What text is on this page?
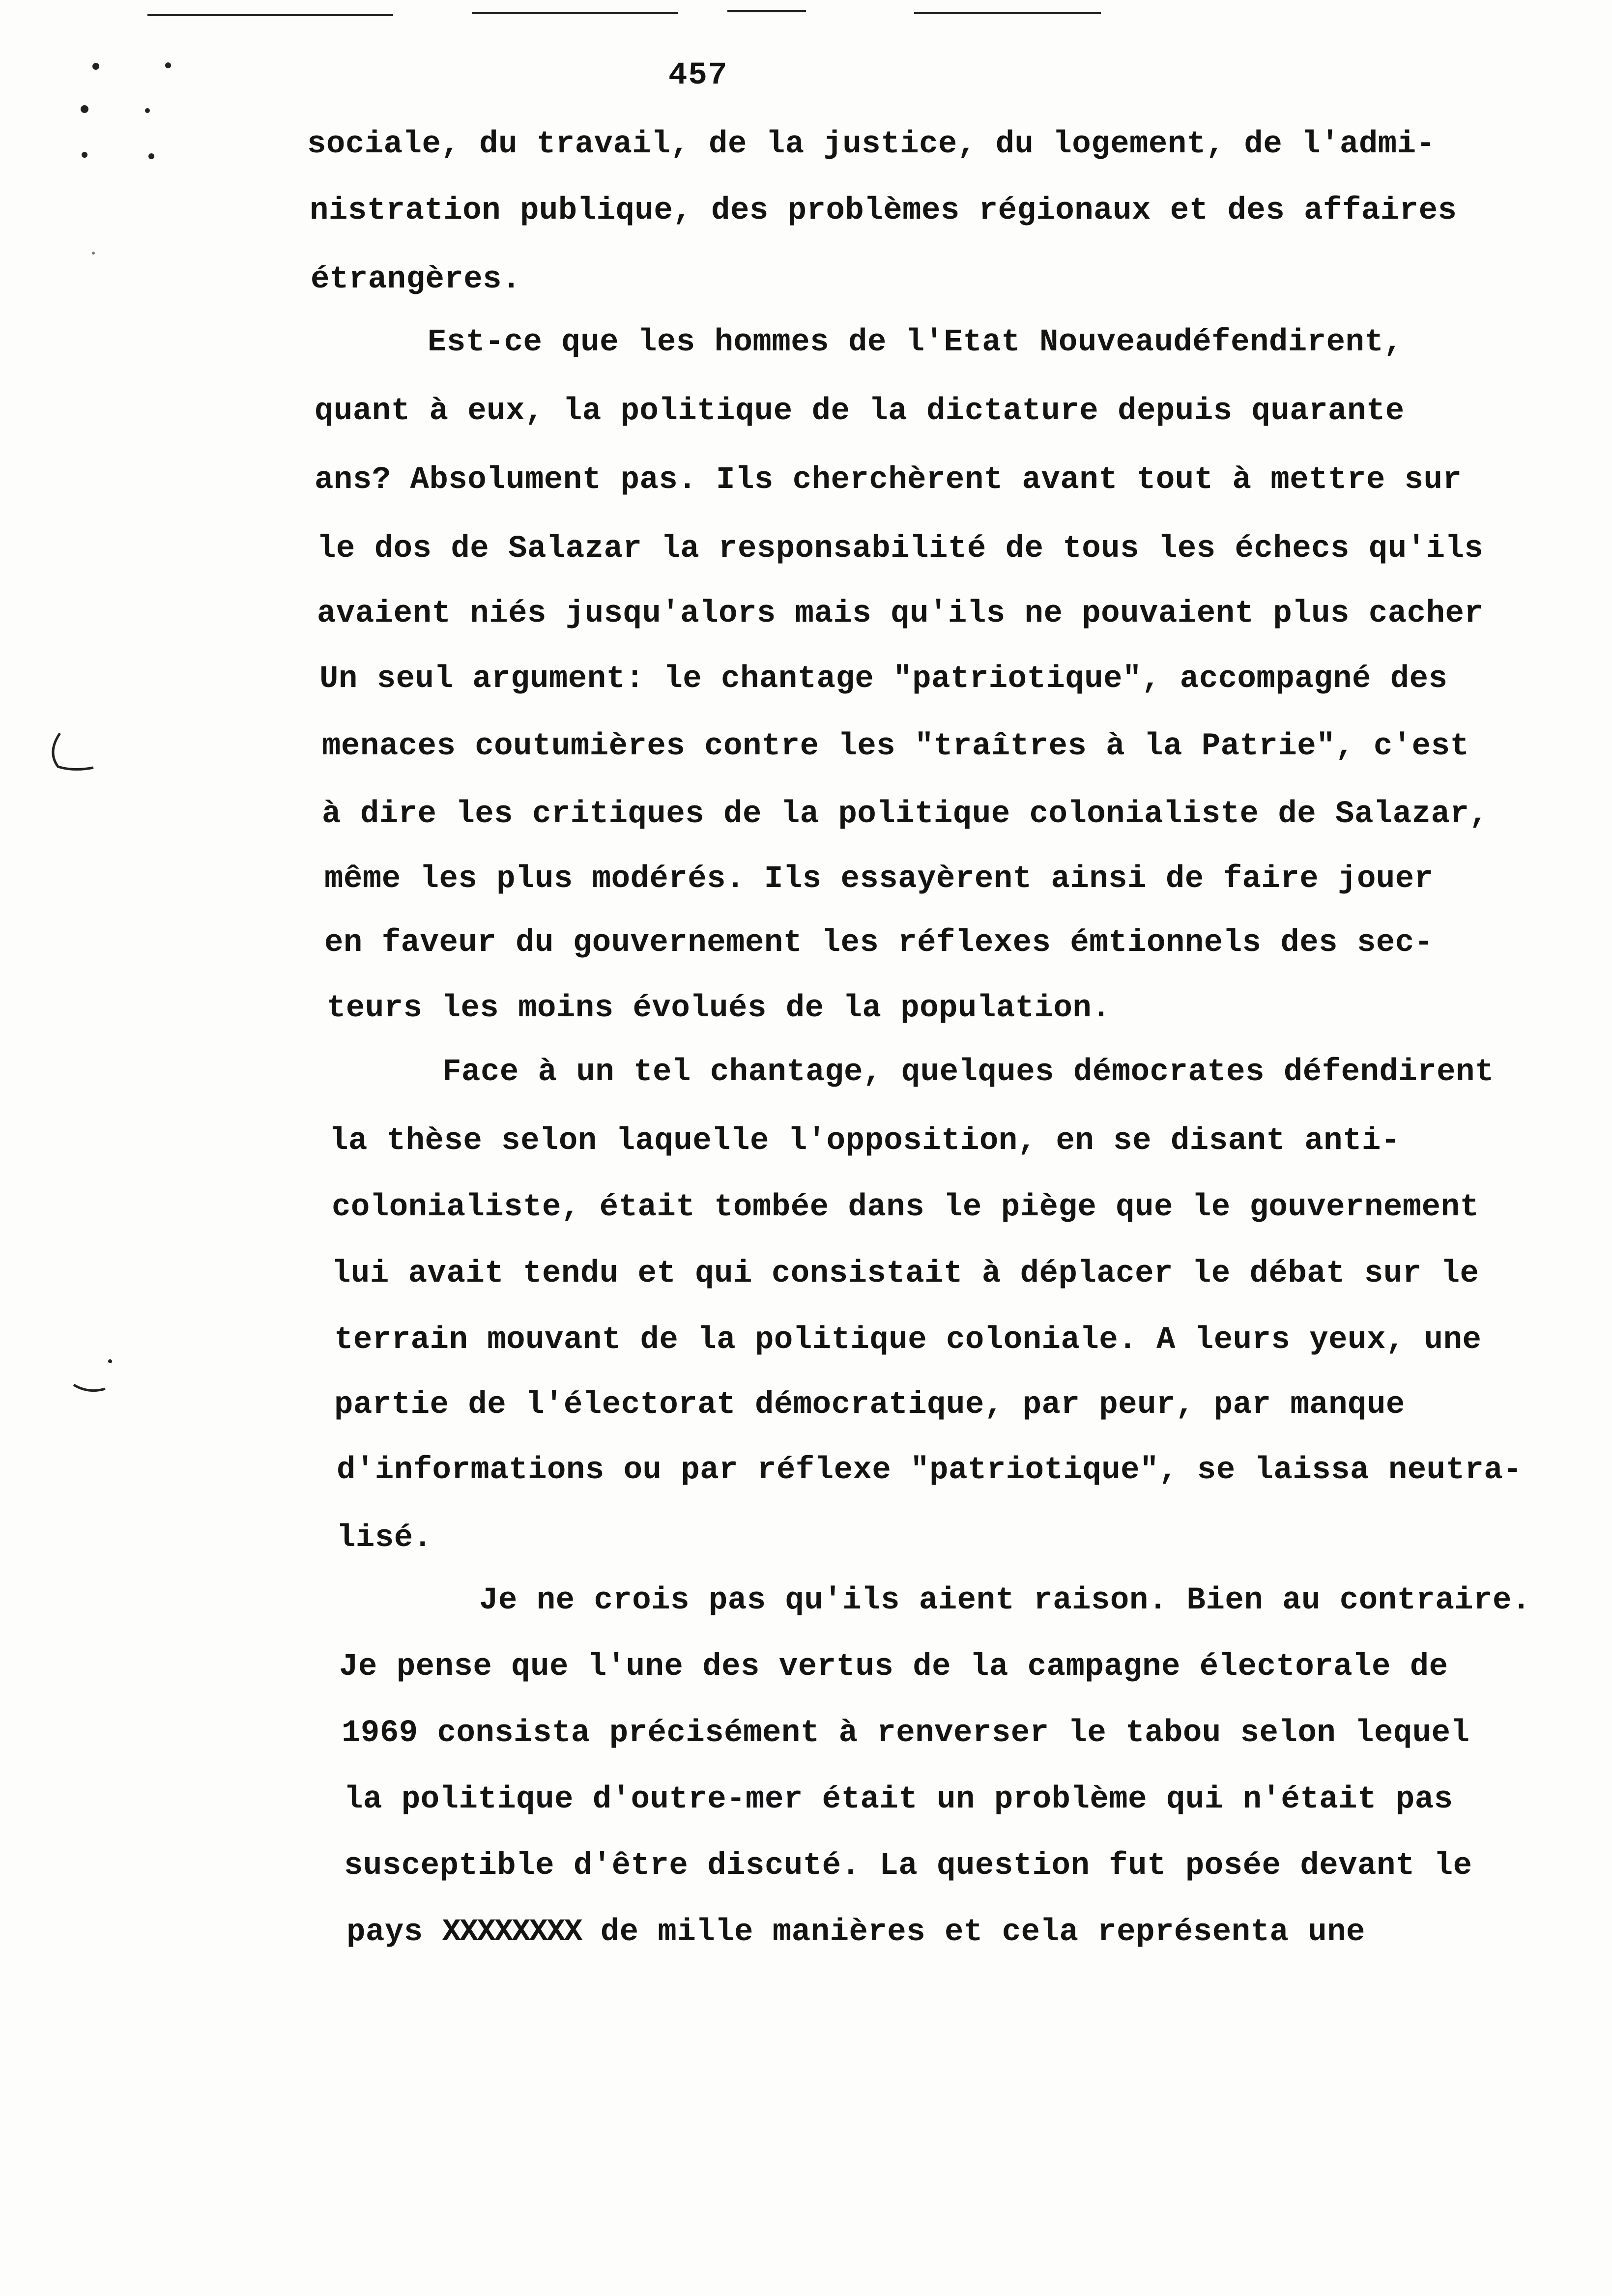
457
sociale, du travail, de la justice, du logement, de l'admi-
nistration publique, des problèmes régionaux et des affaires
étrangères.
Est-ce que les hommes de l'Etat Nouveaudéfendirent,
quant à eux, la politique de la dictature depuis quarante
ans? Absolument pas. Ils cherchèrent avant tout à mettre sur
le dos de Salazar la responsabilité de tous les échecs qu'ils
avaient niés jusqu'alors mais qu'ils ne pouvaient plus cacher
Un seul argument: le chantage "patriotique", accompagné des
menaces coutumières contre les "traîtres à la Patrie", c'est
à dire les critiques de la politique colonialiste de Salazar,
même les plus modérés. Ils essayèrent ainsi de faire jouer
en faveur du gouvernement les réflexes émtionnels des sec-
teurs les moins évolués de la population.
Face à un tel chantage, quelques démocrates défendirent
la thèse selon laquelle l'opposition, en se disant anti-
colonialiste, était tombée dans le piège que le gouvernement
lui avait tendu et qui consistait à déplacer le débat sur le
terrain mouvant de la politique coloniale. A leurs yeux, une
partie de l'électorat démocratique, par peur, par manque
d'informations ou par réflexe "patriotique", se laissa neutra-
lisé.
Je ne crois pas qu'ils aient raison. Bien au contraire.
Je pense que l'une des vertus de la campagne électorale de
1969 consista précisément à renverser le tabou selon lequel
la politique d'outre-mer était un problème qui n'était pas
susceptible d'être discuté. La question fut posée devant le
pays XXXXXXXX de mille manières et cela représenta une
